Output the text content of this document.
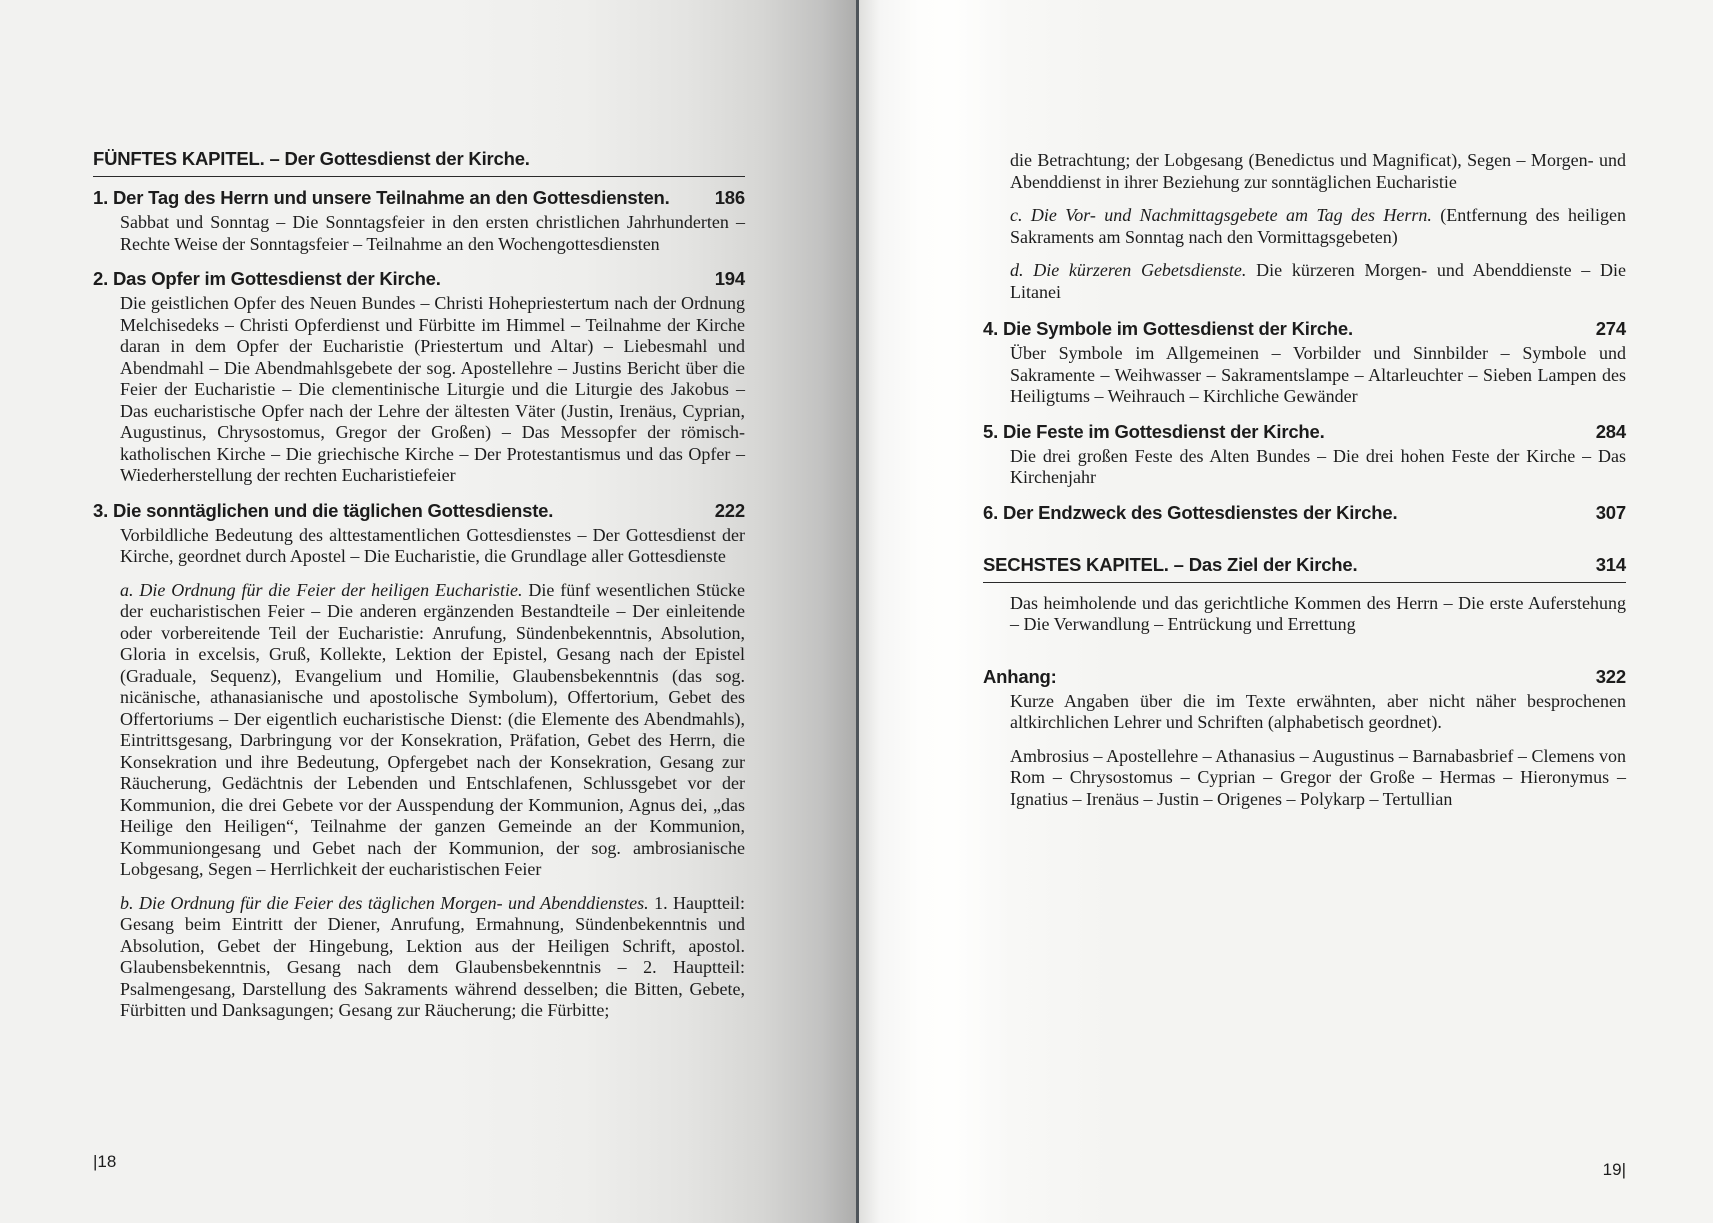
FÜNFTES KAPITEL. – Der Gottesdienst der Kirche.
1. Der Tag des Herrn und unsere Teilnahme an den Gottesdiensten. 186

Sabbat und Sonntag – Die Sonntagsfeier in den ersten christlichen Jahrhunderten – Rechte Weise der Sonntagsfeier – Teilnahme an den Wochengottesdiensten

2. Das Opfer im Gottesdienst der Kirche.	194

Die geistlichen Opfer des Neuen Bundes – Christi Hohepriestertum nach der Ordnung Melchisedeks – Christi Opferdienst und Fürbitte im Himmel – Teilnahme der Kirche daran in dem Opfer der Eucharistie (Priestertum und Altar) – Liebesmahl und Abendmahl – Die Abendmahlsgebete der sog. Apostellehre – Justins Bericht über die Feier der Eucharistie – Die clementinische Liturgie und die Liturgie des Jakobus – Das eucharistische Opfer nach der Lehre der ältesten Väter (Justin, Irenäus, Cyprian, Augustinus, Chrysostomus, Gregor der Großen) – Das Messopfer der römisch-katholischen Kirche – Die griechische Kirche – Der Protestantismus und das Opfer – Wiederherstellung der rechten Eucharistiefeier

3. Die sonntäglichen und die täglichen Gottesdienste.	222

Vorbildliche Bedeutung des alttestamentlichen Gottesdienstes – Der Gottesdienst der Kirche, geordnet durch Apostel – Die Eucharistie, die Grundlage aller Gottesdienste

a. Die Ordnung für die Feier der heiligen Eucharistie. Die fünf wesentlichen Stücke der eucharistischen Feier – Die anderen ergänzenden Bestandteile – Der einleitende oder vorbereitende Teil der Eucharistie: Anrufung, Sündenbekenntnis, Absolution, Gloria in excelsis, Gruß, Kollekte, Lektion der Epistel, Gesang nach der Epistel (Graduale, Sequenz), Evangelium und Homilie, Glaubensbekenntnis (das sog. nicänische, athanasianische und apostolische Symbolum), Offertorium, Gebet des Offertoriums – Der eigentlich eucharistische Dienst: (die Elemente des Abendmahls), Eintrittsgesang, Darbringung vor der Konsekration, Präfation, Gebet des Herrn, die Konsekration und ihre Bedeutung, Opfergebet nach der Konsekration, Gesang zur Räucherung, Gedächtnis der Lebenden und Entschlafenen, Schlussgebet vor der Kommunion, die drei Gebete vor der Ausspendung der Kommunion, Agnus dei, „das Heilige den Heiligen“, Teilnahme der ganzen Gemeinde an der Kommunion, Kommuniongesang und Gebet nach der Kommunion, der sog. ambrosianische Lobgesang, Segen – Herrlichkeit der eucharistischen Feier

b. Die Ordnung für die Feier des täglichen Morgen- und Abenddienstes. 1. Hauptteil: Gesang beim Eintritt der Diener, Anrufung, Ermahnung, Sündenbekenntnis und Absolution, Gebet der Hingebung, Lektion aus der Heiligen Schrift, apostol. Glaubensbekenntnis, Gesang nach dem Glaubensbekenntnis – 2. Hauptteil: Psalmengesang, Darstellung des Sakraments während desselben; die Bitten, Gebete, Fürbitten und Danksagungen; Gesang zur Räucherung; die Fürbitte;

|18

die Betrachtung; der Lobgesang (Benedictus und Magnificat), Segen – Morgen- und Abenddienst in ihrer Beziehung zur sonntäglichen Eucharistie

c. Die Vor- und Nachmittagsgebete am Tag des Herrn. (Entfernung des heiligen Sakraments am Sonntag nach den Vormittagsgebeten)

d. Die kürzeren Gebetsdienste. Die kürzeren Morgen- und Abenddienste – Die Litanei

4. Die Symbole im Gottesdienst der Kirche.	274

Über Symbole im Allgemeinen – Vorbilder und Sinnbilder – Symbole und Sakramente – Weihwasser – Sakramentslampe – Altarleuchter – Sieben Lampen des Heiligtums – Weihrauch – Kirchliche Gewänder

5. Die Feste im Gottesdienst der Kirche.	284

Die drei großen Feste des Alten Bundes – Die drei hohen Feste der Kirche – Das Kirchenjahr

6. Der Endzweck des Gottesdienstes der Kirche.	307
SECHSTES KAPITEL. – Das Ziel der Kirche.	314

Das heimholende und das gerichtliche Kommen des Herrn – Die erste Auferstehung – Die Verwandlung – Entrückung und Errettung

Anhang:	322

Kurze Angaben über die im Texte erwähnten, aber nicht näher besprochenen altkirchlichen Lehrer und Schriften (alphabetisch geordnet).

Ambrosius – Apostellehre – Athanasius – Augustinus – Barnabasbrief – Clemens von Rom – Chrysostomus – Cyprian – Gregor der Große – Hermas – Hieronymus – Ignatius – Irenäus – Justin – Origenes – Polykarp – Tertullian

19|
